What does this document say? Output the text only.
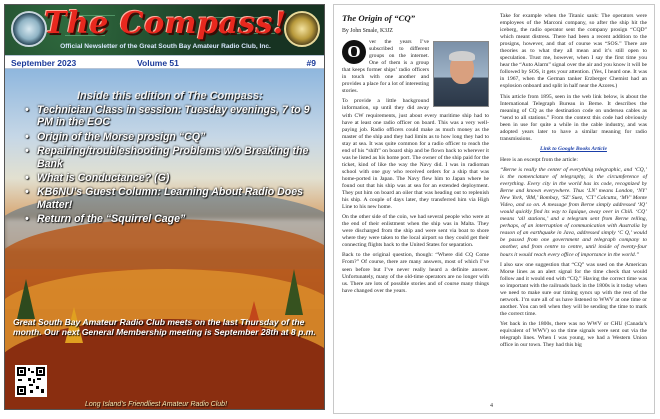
The Compass!
Official Newsletter of the Great South Bay Amateur Radio Club, Inc.
September 2023	Volume 51	#9
Inside this edition of The Compass:
• Technician Class in session: Tuesday evenings, 7 to 9 PM in the EOC
• Origin of the Morse prosign “CQ”
• Repairing/troubleshooting Problems w/o Breaking the Bank
• What is Conductance? (G)
• KB6NU’s Guest Column: Learning About Radio Does Matter!
• Return of the “Squirrel Cage”
Great South Bay Amateur Radio Club meets on the last Thursday of the month. Our next General Membership meeting is September 28th at 8 p.m.
Long Island’s Friendliest Amateur Radio Club!
The Origin of “CQ”
By John Smale, K3JZ

O	ver the years I’ve subscribed to different groups on the internet. One of them is a group that keeps former ships’ radio officers in touch with one another and provides a place for a lot of interesting stories.

To provide a little background information, up until they did away with CW requirements, just about every maritime ship had to have at least one radio officer on board. This was a very well-paying job. Radio officers could make as much money as the master of the ship and they had limits as to how long they had to stay at sea. It was quite common for a radio officer to reach the end of his “shift” on board ship and be flown back to wherever it was he listed as his home port. The owner of the ship paid for the ticket, kind of like the way the Navy did. I was in radioman school with one guy who received orders for a ship that was home-ported in Japan. The Navy flew him to Japan where he found out that his ship was at sea for an extended deployment. They put him on board an oiler that was heading out to replenish his ship. A couple of days later, they transferred him via High Line to his new home.

On the other side of the coin, we had several people who were at the end of their enlistment when the ship was in Malta. They were discharged from the ship and were sent via boat to shore where they were taken to the local airport so they could get their connecting flights back to the United States for separation.

Back to the original question, though: “Where did CQ Come From?” Of course, there are many answers, most of which I’ve seen before but I’ve never really heard a definite answer. Unfortunately, many of the old-time operators are no longer with us. There are lots of possible stories and of course many things have changed over the years.

Take for example when the Titanic sank: The operators were employees of the Marconi company, so after the ship hit the iceberg, the radio operator sent the company prosign “CQD” which meant distress. There had been a recent addition to the prosigns, however, and that of course was “SOS.” There are theories as to what they all mean and it’s still open to speculation. Trust me, however, when I say the first time you hear the “Auto Alarm” signal over the air and you know it will be followed by SOS, it gets your attention. (Yes, I heard one. It was in 1967, when the German tanker Erzberger Chemist had an explosion onboard and split in half near the Azores.)

This article from 1895, seen in the web link below, is about the International Telegraph Bureau in Berne. It describes the meaning of CQ as the destination code on undersea cables as “send to all stations.” From the context this code had obviously been in use for quite a while in the cable industry, and was adopted years later to have a similar meaning for radio transmissions.

Link to Google Books Article

Here is an excerpt from the article:

“Berne is really the center of everything telegraphic, and ‘CQ,’ is the nomenclature of telegraphy, is the circumference of everything. Every city in the world has its code, recognized by Berne and known everywhere. Thus ‘LN’ means London, ‘NY’ New York, ‘BM,’ Bombay, ‘SZ’ Suez, ‘CT’ Calcutta, ‘MV’ Monte Video, and so on. A message from Berne simply addressed ‘IQ’ would quickly find its way to Iquique, away over in Chili. ‘CQ’ means ‘all stations,’ and a telegram sent from Berne telling, perhaps, of an interruption of communication with Australia by reason of an earthquake in Java, addressed simply ‘C Q,’ would be passed from one government and telegraph company to another, and from centre to centre, until inside of twenty-four hours it would reach every office of importance in the world.”

I also saw one suggestion that “CQ” was used on the American Morse lines as an alert signal for the time check that would follow and it would end with “CQ.” Having the correct time was so important with the railroads back in the 1800s is it today when we need to make sure our timing syncs up with the rest of the network. I’m sure all of us have listened to WWV at one time or another. You can tell when they will be sending the time to mark the correct time.

Yet back in the 1800s, there was no WWV or CHU (Canada’s equivalent of WWV) so the time signals were sent out via the telegraph lines. When I was young, we had a Western Union office in our town. They had this big

4
